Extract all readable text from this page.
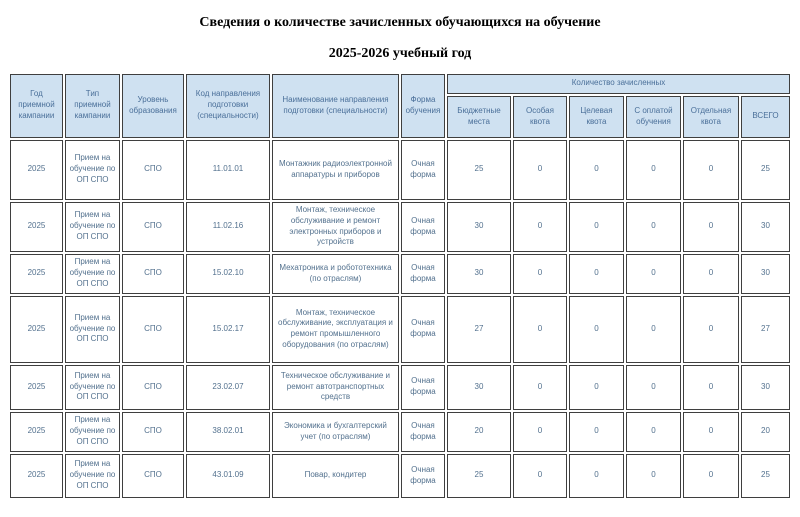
Сведения о количестве зачисленных обучающихся на обучение
2025-2026 учебный год
Год приемной кампании	Тип приемной кампании	Уровень образования	Код направления подготовки (специальности)	Наименование направления подготовки (специальности)	Форма обучения	Количество зачисленных					
						Бюджетные места	Особая квота	Целевая квота	С оплатой обучения	Отдельная квота	ВСЕГО
2025	Прием на обучение по ОП СПО	СПО	11.01.01	Монтажник радиоэлектронной аппаратуры и приборов	Очная форма	25	0	0	0	0	25
2025	Прием на обучение по ОП СПО	СПО	11.02.16	Монтаж, техническое обслуживание и ремонт электронных приборов и устройств	Очная форма	30	0	0	0	0	30
2025	Прием на обучение по ОП СПО	СПО	15.02.10	Мехатроника и робототехника (по отраслям)	Очная форма	30	0	0	0	0	30
2025	Прием на обучение по ОП СПО	СПО	15.02.17	Монтаж, техническое обслуживание, эксплуатация и ремонт промышленного оборудования (по отраслям)	Очная форма	27	0	0	0	0	27
2025	Прием на обучение по ОП СПО	СПО	23.02.07	Техническое обслуживание и ремонт автотранспортных средств	Очная форма	30	0	0	0	0	30
2025	Прием на обучение по ОП СПО	СПО	38.02.01	Экономика и бухгалтерский учет (по отраслям)	Очная форма	20	0	0	0	0	20
2025	Прием на обучение по ОП СПО	СПО	43.01.09	Повар, кондитер	Очная форма	25	0	0	0	0	25
